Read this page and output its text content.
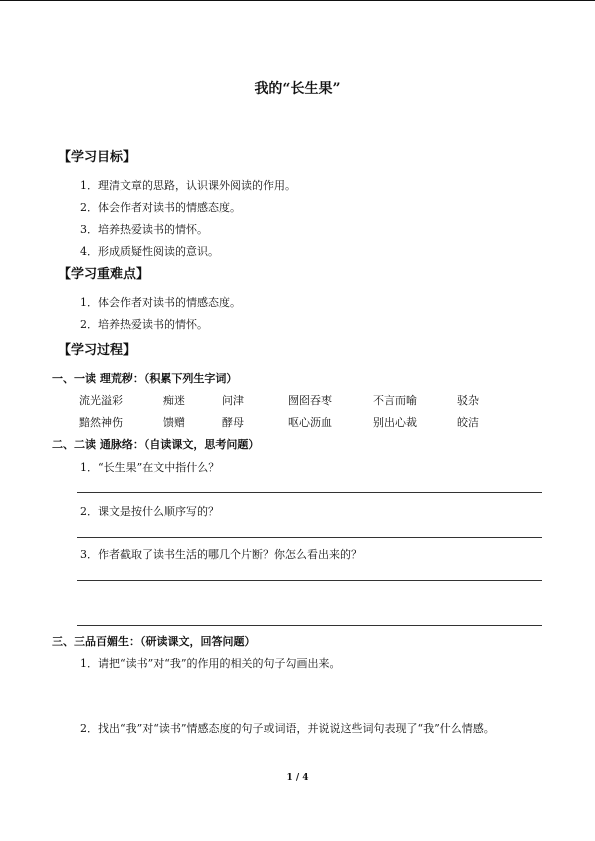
我的“长生果”
【学习目标】
1．理清文章的思路，认识课外阅读的作用。
2．体会作者对读书的情感态度。
3．培养热爱读书的情怀。
4．形成质疑性阅读的意识。
【学习重难点】
1．体会作者对读书的情感态度。
2．培养热爱读书的情怀。
【学习过程】
一、一读 理荒秽：（积累下列生字词）
流光溢彩	痴迷	问津	囫囵吞枣	不言而喻	驳杂
黯然神伤	馈赠	酵母	呕心沥血	别出心裁	皎洁
二、二读 通脉络：（自读课文，思考问题）
1．“长生果”在文中指什么？
2．课文是按什么顺序写的？
3．作者截取了读书生活的哪几个片断？你怎么看出来的？
三、三品百媚生：（研读课文，回答问题）
1．请把“读书”对“我”的作用的相关的句子勾画出来。
2．找出“我”对“读书”情感态度的句子或词语，并说说这些词句表现了“我”什么情感。
1 / 4
